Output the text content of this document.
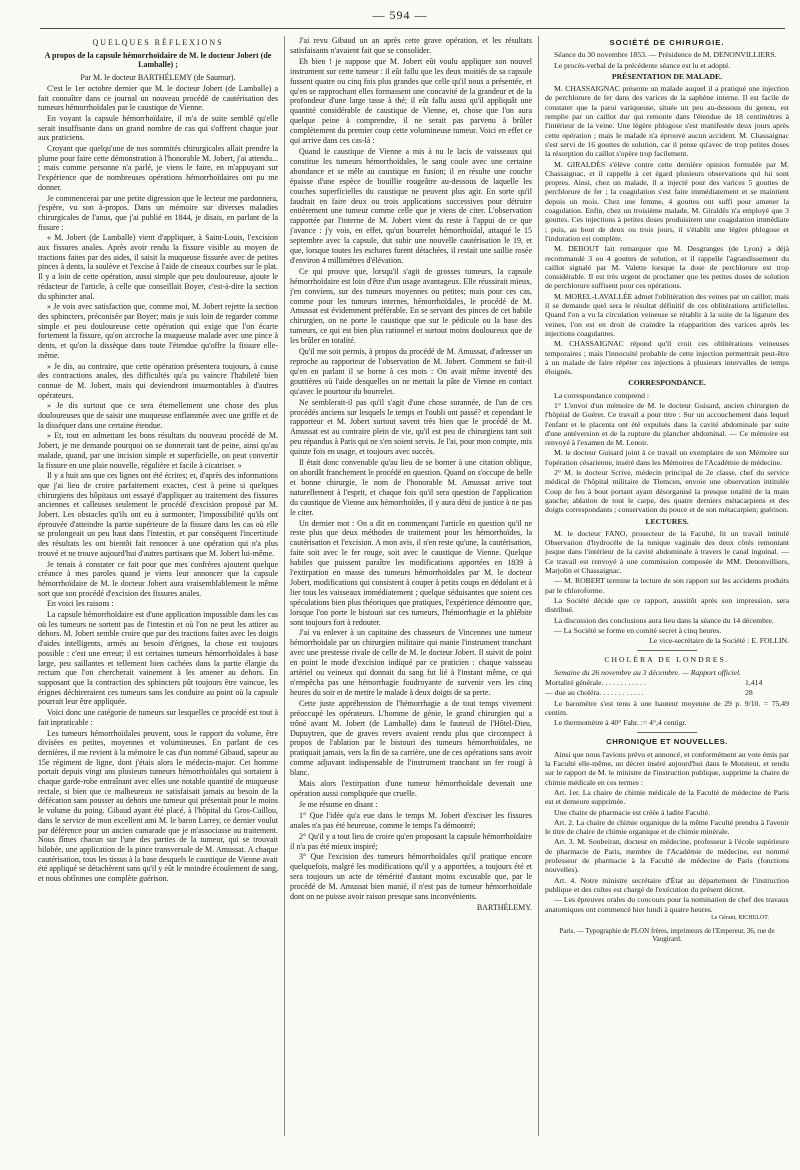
— 594 —
QUELQUES RÉFLEXIONS
A propos de la capsule hémorrhoïdaire de M. le docteur Jobert (de Lamballe) ;

Par M. le docteur BARTHÉLEMY (de Saumur).

C'est le 1er octobre dernier que M. le docteur Jobert (de Lamballe) a fait connaître dans ce journal un nouveau procédé de cautérisation des tumeurs hémorrhoïdales par le caustique de Vienne.

En voyant la capsule hémorrhoïdaire, il m'a de suite semblé qu'elle serait insuffisante dans un grand nombre de cas qui s'offrent chaque jour aux praticiens.

Croyant que quelqu'une de nos sommités chirurgicales allait prendre la plume pour faire cette démonstration à l'honorable M. Jobert, j'ai attendu... ; mais comme personne n'a parlé, je viens le faire, en m'appuyant sur l'expérience que de nombreuses opérations hémorrhoïdaires ont pu me donner.

Je commencerai par une petite digression que le lecteur me pardonnera, j'espère, vu son à-propos. Dans un mémoire sur diverses maladies chirurgicales de l'anus, que j'ai publié en 1844, je disais, en parlant de la fissure :

« M. Jobert (de Lamballe) vient d'appliquer, à Saint-Louis, l'excision aux fissures anales. Après avoir rendu la fissure visible au moyen de tractions faites par des aides, il saisit la muqueuse fissurée avec de petites pinces à dents, la soulève et l'excise à l'aide de ciseaux courbes sur le plat. Il y a loin de cette opération, aussi simple que peu douloureuse, ajoute le rédacteur de l'article, à celle que conseillait Boyer, c'est-à-dire la section du sphincter anal.

» Je vois avec satisfaction que, comme moi, M. Jobert rejette la section des sphincters, préconisée par Boyer; mais je suis loin de regarder comme simple et peu douloureuse cette opération qui exige que l'on écarte fortement la fissure, qu'on accroche la muqueuse malade avec une pince à dents, et qu'on la dissèque dans toute l'étendue qu'offre la fissure elle-même.

» Je dis, au contraire, que cette opération présentera toujours, à cause des contractions anales, des difficultés qu'a pu vaincre l'habileté bien connue de M. Jobert, mais qui deviendront insurmontables à d'autres opérateurs.

» Je dis surtout que ce sera éternellement une chose des plus douloureuses que de saisir une muqueuse enflammée avec une griffe et de la disséquer dans une certaine étendue.

» Et, tout en admettant les bons résultats du nouveau procédé de M. Jobert, je me demande pourquoi on se donnerait tant de peine, ainsi qu'au malade, quand, par une incision simple et superficielle, on peut convertir la fissure en une plaie nouvelle, régulière et facile à cicatriser. »

Il y a huit ans que ces lignes ont été écrites; et, d'après des informations que j'ai lieu de croire parfaitement exactes, c'est à peine si quelques chirurgiens des hôpitaux ont essayé d'appliquer au traitement des fissures anciennes et calleuses seulement le procédé d'excision proposé par M. Jobert. Les obstacles qu'ils ont eu à surmonter, l'impossibilité qu'ils ont éprouvée d'atteindre la partie supérieure de la fissure dans les cas où elle se prolongeait un peu haut dans l'intestin, et par conséquent l'incertitude des résultats les ont bientôt fait renoncer à une opération qui n'a plus trouvé et ne trouve aujourd'hui d'autres partisans que M. Jobert lui-même.

Je tenais à constater ce fait pour que mes confrères ajoutent quelque créance à mes paroles quand je viens leur annoncer que la capsule hémorrhoïdaire de M. le docteur Jobert aura vraisemblablement le même sort que son procédé d'excision des fissures anales.

En voici les raisons :

La capsule hémorrhoïdaire est d'une application impossible dans les cas où les tumeurs ne sortent pas de l'intestin et où l'on ne peut les attirer au dehors. M. Jobert semble croire que par des tractions faites avec les doigts d'aides intelligents, armés au besoin d'érignes, la chose est toujours possible : c'est une erreur; il est certaines tumeurs hémorrhoïdales à base large, peu saillantes et tellement bien cachées dans la partie élargie du rectum que l'on chercherait vainement à les amener au dehors. En supposant que la contraction des sphincters pût toujours être vaincue, les érignes déchireraient ces tumeurs sans les conduire au point où la capsule pourrait leur être appliquée.

Voici donc une catégorie de tumeurs sur lesquelles ce procédé est tout à fait inpraticable :

Les tumeurs hémorrhoïdales peuvent, sous le rapport du volume, être divisées en petites, moyennes et volumineuses. En parlant de ces dernières, il me revient à la mémoire le cas d'un nommé Gibaud, sapeur au 15e régiment de ligne, dont j'étais alors le médecin-major. Cet homme portait depuis vingt ans plusieurs tumeurs hémorrhoïdales qui sortaient à chaque garde-robe entraînant avec elles une notable quantité de muqueuse rectale, si bien que ce malheureux ne satisfaisait jamais au besoin de la défécation sans pousser au dehors une tumeur qui présentait pour le moins le volume du poing. Gibaud ayant été placé, à l'hôpital du Gros-Caillou, dans le service de mon excellent ami M. le baron Larrey, ce dernier voulut par déférence pour un ancien camarade que je m'associasse au traitement. Nous fîmes chacun sur l'une des parties de la tumeur, qui se trouvait bilobée, une application de la pince transversale de M. Amussat. A chaque cautérisation, tous les tissus à la base desquels le caustique de Vienne avait été appliqué se détachèrent sans qu'il y eût le moindre écoulement de sang, et nous obtînmes une complète guérison.

J'ai revu Gibaud un an après cette grave opération, et les résultats satisfaisants n'avaient fait que se consolider.

Eh bien ! je suppose que M. Jobert eût voulu appliquer son nouvel instrument sur cette tumeur : il eût fallu que les deux moitiés de sa capsule fussent quatre ou cinq fois plus grandes que celle qu'il nous a présentée, et qu'en se rapprochant elles formassent une concavité de la grandeur et de la profondeur d'une large tasse à thé; il eût fallu aussi qu'il appliquât une quantité considérable de caustique de Vienne, et, chose que l'on aura quelque peine à comprendre, il ne serait pas parvenu à brûler complètement du premier coup cette volumineuse tumeur. Voici en effet ce qui arrive dans ces cas-là :

Quand le caustique de Vienne a mis à nu le lacis de vaisseaux qui constitue les tumeurs hémorrhoïdales, le sang coule avec une certaine abondance et se mêle au caustique en fusion; il en résulte une couche épaisse d'une espèce de bouillie rougeâtre au-dessous de laquelle les couches superficielles du caustique ne peuvent plus agir. En sorte qu'il faudrait en faire deux ou trois applications successives pour détruire entièrement une tumeur comme celle que je viens de citer. L'observation rapportée par l'interne de M. Jobert vient du reste à l'appui de ce que j'avance : j'y vois, en effet, qu'un bourrelet hémorrhoïdal, attaqué le 15 septembre avec la capsule, dut subir une nouvelle cautérisation le 19, et que, lorsque toutes les eschares furent détachées, il restait une saillie rosée d'environ 4 millimètres d'élévation.

Ce qui prouve que, lorsqu'il s'agit de grosses tumeurs, la capsule hémorrhoïdaire est loin d'être d'un usage avantageux. Elle réussirait mieux, j'en conviens, sur des tumeurs moyennes ou petites; mais pour ces cas, comme pour les tumeurs internes, hémorrhoïdales, le procédé de M. Amussat est évidemment préférable. En se servant des pinces de cet habile chirurgien, on ne porte le caustique que sur le pédicule ou la base des tumeurs, ce qui est bien plus rationnel et surtout moins douloureux que de les brûler en totalité.

Qu'il me soit permis, à propos du procédé de M. Amussat, d'adresser un reproche au rapporteur de l'observation de M. Jobert. Comment se fait-il qu'en en parlant il se borne à ces mots : On avait même inventé des gouttières où l'aide desquelles on ne mettait la pâte de Vienne en contact qu'avec le pourtour du bourrelet.

Ne semblerait-il pas qu'il s'agit d'une chose surannée, de l'un de ces procédés anciens sur lesquels le temps et l'oubli ont passé? et cependant le rapporteur et M. Jobert surtout savent très bien que le procédé de M. Amussat est au contraire plein de vie, qu'il est peu de chirurgiens tant soit peu répandus à Paris qui ne s'en soient servis. Je l'ai, pour mon compte, mis quinze fois en usage, et toujours avec succès.

Il était donc convenable qu'au lieu de se borner à une citation oblique, on abordât franchement le procédé en question. Quand on s'occupe de belle et bonne chirurgie, le nom de l'honorable M. Amussat arrive tout naturellement à l'esprit, et chaque fois qu'il sera question de l'application du caustique de Vienne aux hémorrhoïdes, il y aura déni de justice à ne pas le citer.

Un dernier mot : On a dit en commençant l'article en question qu'il ne reste plus que deux méthodes de traitement pour les hémorrhoïdes, la cautérisation et l'excision. A mon avis, il n'en reste qu'une, la cautérisation, faite soit avec le fer rouge, soit avec le caustique de Vienne. Quelque habiles que puissent paraître les modifications apportées en 1839 à l'extirpation en masse des tumeurs hémorrhoïdales par M. le docteur Jobert, modifications qui consistent à couper à petits coups en dédolant et à lier tous les vaisseaux immédiatement ; quelque séduisantes que soient ces spéculations bien plus théoriques que pratiques, l'expérience démontre que, lorsque l'on porte le bistouri sur ces tumeurs, l'hémorrhagie et la phlébite sont toujours fort à redouter.

J'ai vu enlever à un capitaine des chasseurs de Vincennes une tumeur hémorrhoïdale par un chirurgien militaire qui manie l'instrument tranchant avec une prestesse rivale de celle de M. le docteur Jobert. Il suivit de point en point le mode d'excision indiqué par ce praticien : chaque vaisseau artériel ou veineux qui donnait du sang fut lié à l'instant même, ce qui n'empêcha pas une hémorrhagie foudroyante de survenir vers les cinq heures du soir et de mettre le malade à deux doigts de sa perte.

Cette juste appréhension de l'hémorrhagie a de tout temps vivement préoccupé les opérateurs. L'homme de génie, le grand chirurgien qui a trôné avant M. Jobert (de Lamballe) dans le fauteuil de l'Hôtel-Dieu, Dupuytren, que de graves revers avaient rendu plus que circonspect à propos de l'ablation par le bistouri des tumeurs hémorrhoïdales, ne pratiquait jamais, vers la fin de sa carrière, une de ces opérations sans avoir comme adjuvant indispensable de l'instrument tranchant un fer rougi à blanc.

Mais alors l'extirpation d'une tumeur hémorrhoïdale devenait une opération aussi compliquée que cruelle.

Je me résume en disant :

1° Que l'idée qu'a eue dans le temps M. Jobert d'exciser les fissures anales n'a pas été heureuse, comme le temps l'a démontré;

2° Qu'il y a tout lieu de croire qu'en proposant la capsule hémorrhoïdaire il n'a pas été mieux inspiré;

3° Que l'excision des tumeurs hémorrhoïdales qu'il pratique encore quelquefois, malgré les modifications qu'il y a apportées, a toujours été et sera toujours un acte de témérité d'autant moins excusable que, par le procédé de M. Amussat bien manié, il n'est pas de tumeur hémorrhoïdale dont on ne puisse avoir raison presque sans inconvénients.

BARTHÉLEMY.

SOCIÉTÉ DE CHIRURGIE.

Séance du 30 novembre 1853. — Présidence de M. DENONVILLIERS.

Le procès-verbal de la précédente séance est lu et adopté.

PRÉSENTATION DE MALADE.

M. CHASSAIGNAC présente un malade auquel il a pratiqué une injection de perchlorure de fer dans des varices de la saphène interne. Il est facile de constater que la paroi variqueuse, située un peu au-dessous du genou, est remplie par un caillot dur qui remonte dans l'étendue de 18 centimètres à l'intérieur de la veine. Une légère phlogose s'est manifestée deux jours après cette opération ; mais le malade n'a éprouvé aucun accident. M. Chassaignac s'est servi de 16 gouttes de solution, car il pense qu'avec de trop petites doses la résorption du caillot s'opère trop facilement.

M. GIRALDÈS s'élève contre cette dernière opinion formulée par M. Chassaignac, et il rappelle à cet égard plusieurs observations qui lui sont propres. Ainsi, chez un malade, il a injecté pour des varices 5 gouttes de perchlorure de fer ; la coagulation s'est faite immédiatement et se maintient depuis un mois. Chez une femme, 4 gouttes ont suffi pour amener la coagulation. Enfin, chez un troisième malade, M. Giraldès n'a employé que 3 gouttes. Ces injections à petites doses produisirent une coagulation immédiate ; puis, au bout de deux ou trois jours, il s'établit une légère phlogose et l'induration est complète.

M. DEBOUT fait remarquer que M. Desgranges (de Lyon) a déjà recommandé 3 ou 4 gouttes de solution, et il rappelle l'agrandissement du caillot signalé par M. Valette lorsque la dose de perchlorure est trop considérable. Il est très urgent de proclamer que les petites doses de solution de perchlorure suffisent pour ces opérations.

M. MOREL-LAVALLÉE admet l'oblitération des veines par un caillot; mais il se demande quel sera le résultat définitif de ces oblitérations artificielles. Quand l'on a vu la circulation veineuse se rétablir à la suite de la ligature des veines, l'on est en droit de craindre la réapparition des varices après les injections coagulantes.

M. CHASSAIGNAC répond qu'il croit ces oblitérations veineuses temporaires ; mais l'innocuité probable de cette injection permettrait peut-être à un malade de faire répéter ces injections à plusieurs intervalles de temps éloignés.

CORRESPONDANCE.

La correspondance comprend :

1° L'envoi d'un mémoire de M. le docteur Guisard, ancien chirurgien de l'hôpital de Guéret. Ce travail a pour titre : Sur un accouchement dans lequel l'enfant et le placenta ont été expulsés dans la cavité abdominale par suite d'une antéversion et de la rupture du plancher abdominal. — Ce mémoire est renvoyé à l'examen de M. Lenoir.

M. le docteur Guisard joint à ce travail un exemplaire de son Mémoire sur l'opération césarienne, inséré dans les Mémoires de l'Académie de médecine.

2° M. le docteur Scrive, médecin principal de 2e classe, chef du service médical de l'hôpital militaire de Tlemcen, envoie une observation intitulée Coup de feu à bout portant ayant désorganisé la presque totalité de la main gauche; ablation de tout le carpe, des quatre derniers métacarpiens et des doigts correspondants ; conservation du pouce et de son métacarpien; guérison.

LECTURES.

M. le docteur FANO, prosecteur de la Faculté, lit un travail intitulé Observation d'hydrocèle de la tunique vaginale des deux côtés remontant jusque dans l'intérieur de la cavité abdominale à travers le canal inguinal. — Ce travail est renvoyé à une commission composée de MM. Denonvilliers, Marjolin et Chassaignac.

— M. ROBERT termine la lecture de son rapport sur les accidents produits par le chloroforme.

La Société décide que ce rapport, aussitôt après son impression, sera distribué.

La discussion des conclusions aura lieu dans la séance du 14 décembre.

— La Société se forme en comité secret à cinq heures.

Le vice-secrétaire de la Société : E. FOLLIN.

CHOLÉRA DE LONDRES.

Semaine du 26 novembre au 3 décembre. — Rapport officiel.

Mortalité générale. . . . . . . . . . . .	1,414

— due au choléra. . . . . . . . . . . .	28

Le baromètre s'est tenu à une hauteur moyenne de 29 p. 9/10. = 75,49 centim.

Le thermomètre à 40° Fahr. := 4°,4 centigr.

CHRONIQUE ET NOUVELLES.

Ainsi que nous l'avions prévu et annoncé, et conformément au vote émis par la Faculté elle-même, un décret inséré aujourd'hui dans le Moniteur, et rendu sur le rapport de M. le ministre de l'instruction publique, supprime la chaire de chimie médicale en ces termes :

Art. 1er. La chaire de chimie médicale de la Faculté de médecine de Paris est et demeure supprimée.

Une chaire de pharmacie est créée à ladite Faculté.

Art. 2. La chaire de chimie organique de la même Faculté prendra à l'avenir le titre de chaire de chimie organique et de chimie minérale.

Art. 3. M. Soubeiran, docteur en médecine, professeur à l'école supérieure de pharmacie de Paris, membre de l'Académie de médecine, est nommé professeur de pharmacie à la Faculté de médecine de Paris (fonctions nouvelles).

Art. 4. Notre ministre secrétaire d'État au département de l'instruction publique et des cultes est chargé de l'exécution du présent décret.

— Les épreuves orales du concours pour la nomination de chef des travaux anatomiques ont commencé hier lundi à quatre heures.

Le Gérant, RICHELOT.
Paris. — Typographie de PLON frères, imprimeurs de l'Empereur, 36, rue de Vaugirard.
